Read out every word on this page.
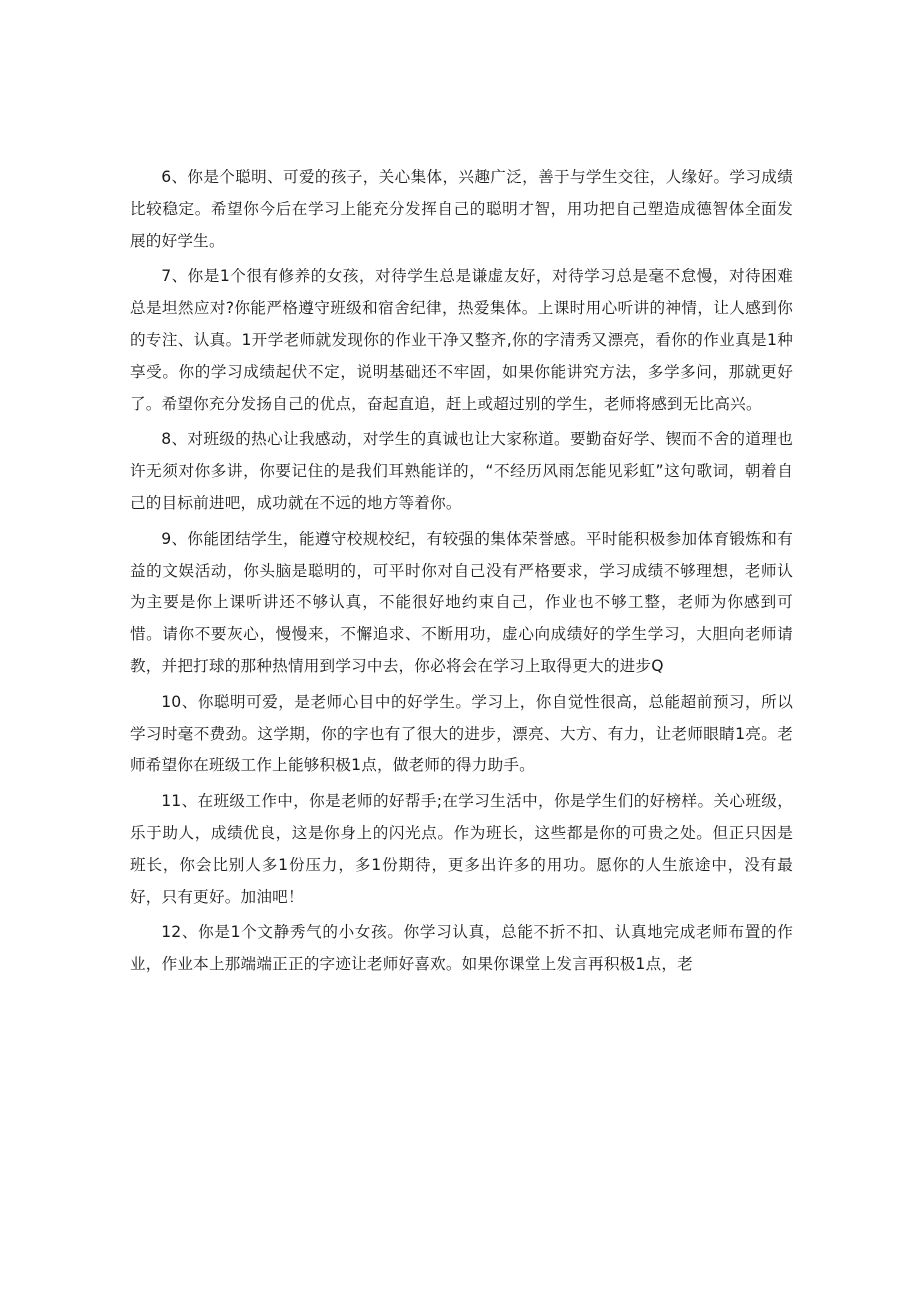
6、你是个聪明、可爱的孩子，关心集体，兴趣广泛，善于与学生交往，人缘好。学习成绩比较稳定。希望你今后在学习上能充分发挥自己的聪明才智，用功把自己塑造成德智体全面发展的好学生。

7、你是1个很有修养的女孩，对待学生总是谦虚友好，对待学习总是毫不怠慢，对待困难总是坦然应对?你能严格遵守班级和宿舍纪律，热爱集体。上课时用心听讲的神情，让人感到你的专注、认真。1开学老师就发现你的作业干净又整齐,你的字清秀又漂亮，看你的作业真是1种享受。你的学习成绩起伏不定，说明基础还不牢固，如果你能讲究方法，多学多问，那就更好了。希望你充分发扬自己的优点，奋起直追，赶上或超过别的学生，老师将感到无比高兴。

8、对班级的热心让我感动，对学生的真诚也让大家称道。要勤奋好学、锲而不舍的道理也许无须对你多讲，你要记住的是我们耳熟能详的，“不经历风雨怎能见彩虹”这句歌词，朝着自己的目标前进吧，成功就在不远的地方等着你。

9、你能团结学生，能遵守校规校纪，有较强的集体荣誉感。平时能积极参加体育锻炼和有益的文娱活动，你头脑是聪明的，可平时你对自己没有严格要求，学习成绩不够理想，老师认为主要是你上课听讲还不够认真，不能很好地约束自己，作业也不够工整，老师为你感到可惜。请你不要灰心，慢慢来，不懈追求、不断用功，虚心向成绩好的学生学习，大胆向老师请教，并把打球的那种热情用到学习中去，你必将会在学习上取得更大的进步Q

10、你聪明可爱，是老师心目中的好学生。学习上，你自觉性很高，总能超前预习，所以学习时毫不费劲。这学期，你的字也有了很大的进步，漂亮、大方、有力，让老师眼睛1亮。老师希望你在班级工作上能够积极1点，做老师的得力助手。

11、在班级工作中，你是老师的好帮手;在学习生活中，你是学生们的好榜样。关心班级，乐于助人，成绩优良，这是你身上的闪光点。作为班长，这些都是你的可贵之处。但正只因是班长，你会比别人多1份压力，多1份期待，更多出许多的用功。愿你的人生旅途中，没有最好，只有更好。加油吧！

12、你是1个文静秀气的小女孩。你学习认真，总能不折不扣、认真地完成老师布置的作业，作业本上那端端正正的字迹让老师好喜欢。如果你课堂上发言再积极1点，老
